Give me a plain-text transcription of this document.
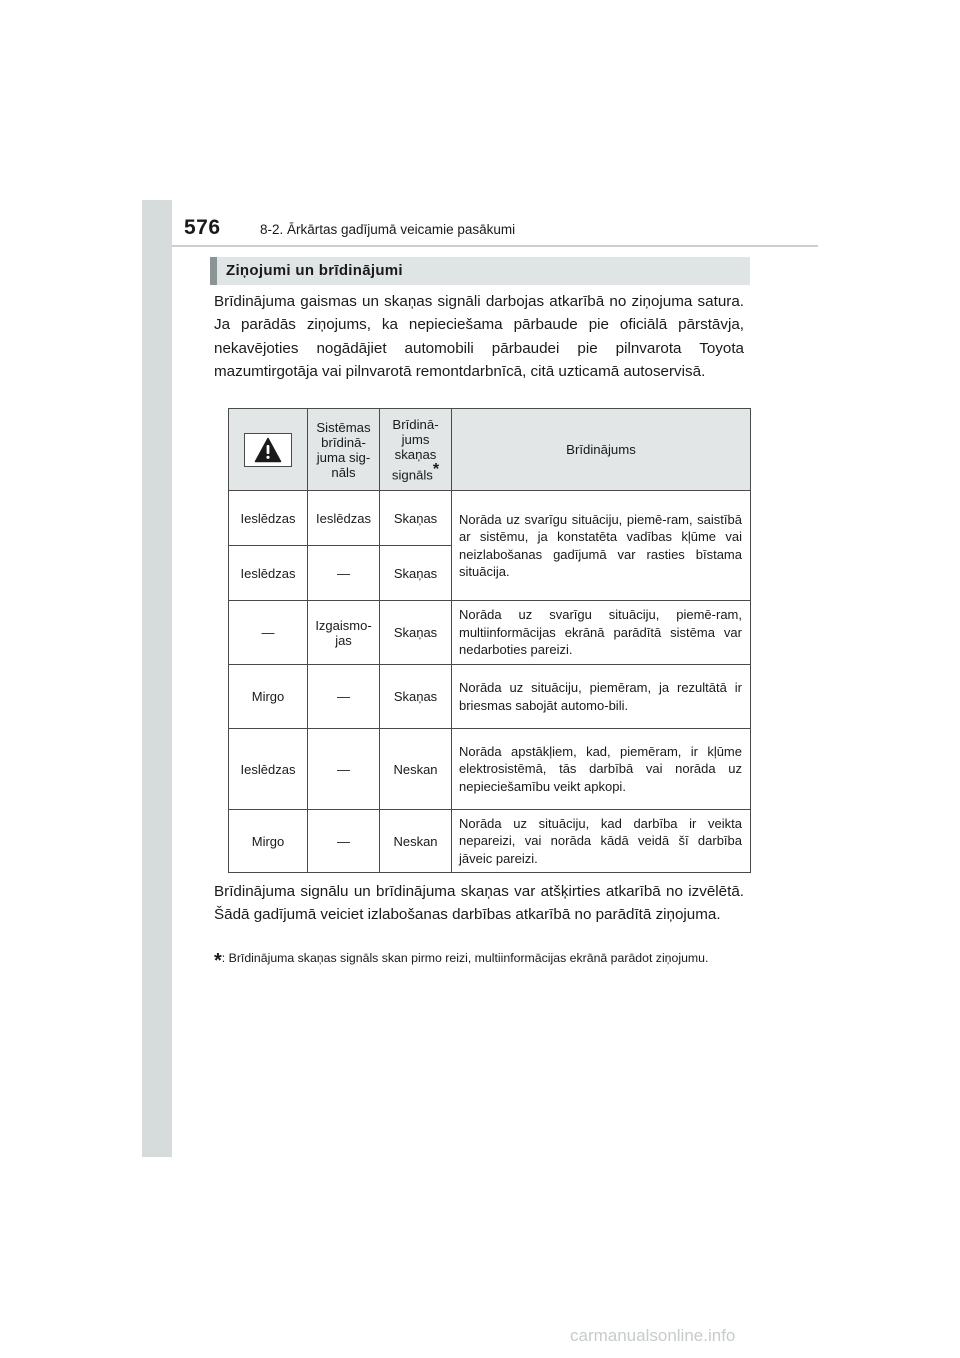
576	8-2. Ārkārtas gadījumā veicamie pasākumi
Ziņojumi un brīdinājumi
Brīdinājuma gaismas un skaņas signāli darbojas atkarībā no ziņojuma satura. Ja parādās ziņojums, ka nepieciešama pārbaude pie oficiālā pārstāvja, nekavējoties nogādājiet automobili pārbaudei pie pilnvarota Toyota mazumtirgotāja vai pilnvarotā remontdarbnīcā, citā uzticamā autoservisā.
	Sistēmas brīdinā-juma sig-nāls	Brīdinā-
jums
skaņas
signāls*	Brīdinājums
Ieslēdzas	Ieslēdzas	Skaņas	Norāda uz svarīgu situāciju, piemē-ram, saistībā ar sistēmu, ja konstatēta vadības kļūme vai neizlabošanas gadījumā var rasties bīstama situācija.
Ieslēdzas	—	Skaņas	
—	Izgaismo-jas	Skaņas	Norāda uz svarīgu situāciju, piemē-ram, multiinformācijas ekrānā parādītā sistēma var nedarboties pareizi.
Mirgo	—	Skaņas	Norāda uz situāciju, piemēram, ja rezultātā ir briesmas sabojāt automo-bili.
Ieslēdzas	—	Neskan	Norāda apstākļiem, kad, piemēram, ir kļūme elektrosistēmā, tās darbībā vai norāda uz nepieciešamību veikt apkopi.
Mirgo	—	Neskan	Norāda uz situāciju, kad darbība ir veikta nepareizi, vai norāda kādā veidā šī darbība jāveic pareizi.
Brīdinājuma signālu un brīdinājuma skaņas var atšķirties atkarībā no izvēlētā. Šādā gadījumā veiciet izlabošanas darbības atkarībā no parādītā ziņojuma.
*: Brīdinājuma skaņas signāls skan pirmo reizi, multiinformācijas ekrānā parādot ziņojumu.
carmanualsonline.info
